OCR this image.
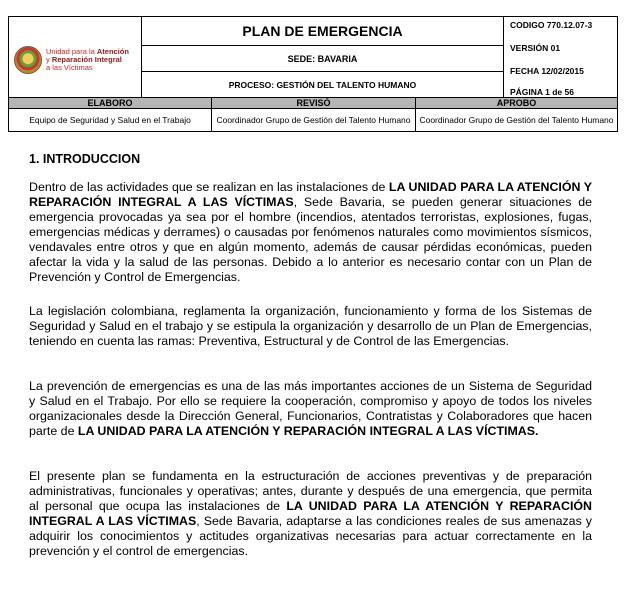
Unidad para la Atención
y Reparación Integral
a las Víctimas
PLAN DE EMERGENCIA
SEDE: BAVARIA
PROCESO: GESTIÓN DEL TALENTO HUMANO
CODIGO 770.12.07-3
VERSIÓN 01
FECHA 12/02/2015
PÁGINA 1 de 56
ELABORO	REVISÓ	APROBO
Equipo de Seguridad y Salud en el Trabajo	Coordinador Grupo de Gestión del Talento Humano	Coordinador Grupo de Gestión del Talento Humano
1. INTRODUCCION
Dentro de las actividades que se realizan en las instalaciones de LA UNIDAD PARA LA ATENCIÓN Y REPARACIÓN INTEGRAL A LAS VÍCTIMAS, Sede Bavaria, se pueden generar situaciones de emergencia provocadas ya sea por el hombre (incendios, atentados terroristas, explosiones, fugas, emergencias médicas y derrames) o causadas por fenómenos naturales como movimientos sísmicos, vendavales entre otros y que en algún momento, además de causar pérdidas económicas, pueden afectar la vida y la salud de las personas. Debido a lo anterior es necesario contar con un Plan de Prevención y Control de Emergencias.
La legislación colombiana, reglamenta la organización, funcionamiento y forma de los Sistemas de Seguridad y Salud en el trabajo y se estipula la organización y desarrollo de un Plan de Emergencias, teniendo en cuenta las ramas: Preventiva, Estructural y de Control de las Emergencias.
La prevención de emergencias es una de las más importantes acciones de un Sistema de Seguridad y Salud en el Trabajo. Por ello se requiere la cooperación, compromiso y apoyo de todos los niveles organizacionales desde la Dirección General, Funcionarios, Contratistas y Colaboradores que hacen parte de LA UNIDAD PARA LA ATENCIÓN Y REPARACIÓN INTEGRAL A LAS VÍCTIMAS.
El presente plan se fundamenta en la estructuración de acciones preventivas y de preparación administrativas, funcionales y operativas; antes, durante y después de una emergencia, que permita al personal que ocupa las instalaciones de LA UNIDAD PARA LA ATENCIÓN Y REPARACIÓN INTEGRAL A LAS VÍCTIMAS, Sede Bavaria, adaptarse a las condiciones reales de sus amenazas y adquirir los conocimientos y actitudes organizativas necesarias para actuar correctamente en la prevención y el control de emergencias.
